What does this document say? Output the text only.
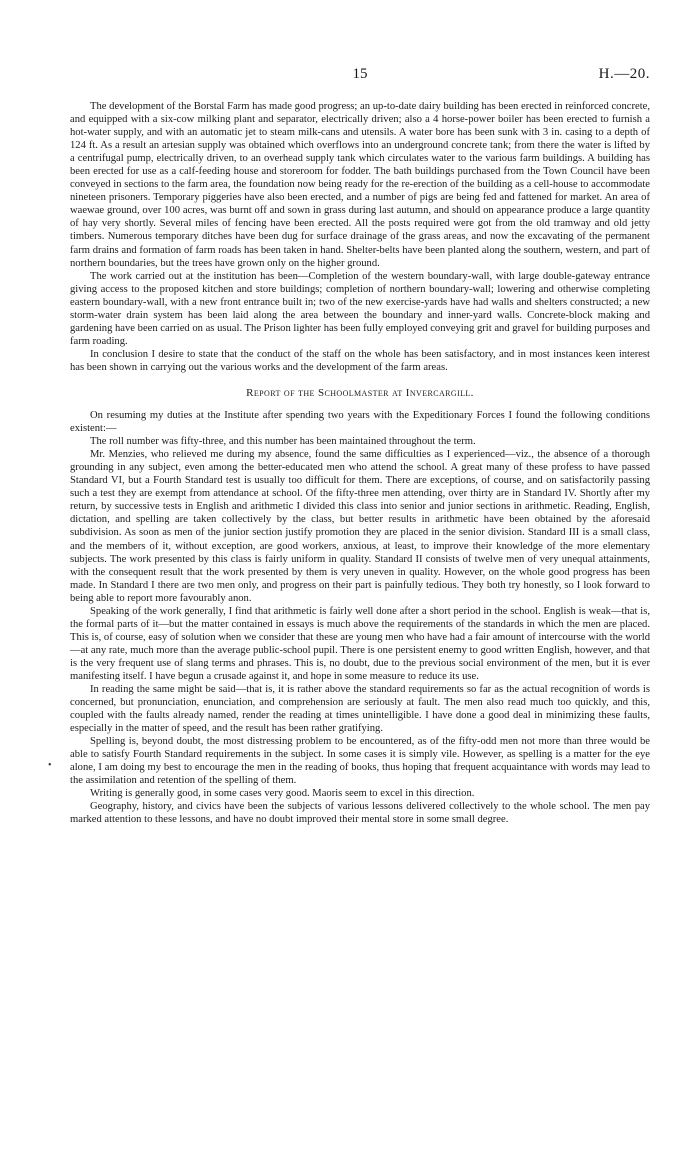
15	H.—20.

The development of the Borstal Farm has made good progress; an up-to-date dairy building has been erected in reinforced concrete, and equipped with a six-cow milking plant and separator, electrically driven; also a 4 horse-power boiler has been erected to furnish a hot-water supply, and with an automatic jet to steam milk-cans and utensils. A water bore has been sunk with 3 in. casing to a depth of 124 ft. As a result an artesian supply was obtained which overflows into an underground concrete tank; from there the water is lifted by a centrifugal pump, electrically driven, to an overhead supply tank which circulates water to the various farm buildings. A building has been erected for use as a calf-feeding house and storeroom for fodder. The bath buildings purchased from the Town Council have been conveyed in sections to the farm area, the foundation now being ready for the re-erection of the building as a cell-house to accommodate nineteen prisoners. Temporary piggeries have also been erected, and a number of pigs are being fed and fattened for market. An area of waewae ground, over 100 acres, was burnt off and sown in grass during last autumn, and should on appearance produce a large quantity of hay very shortly. Several miles of fencing have been erected. All the posts required were got from the old tramway and old jetty timbers. Numerous temporary ditches have been dug for surface drainage of the grass areas, and now the excavating of the permanent farm drains and formation of farm roads has been taken in hand. Shelter-belts have been planted along the southern, western, and part of northern boundaries, but the trees have grown only on the higher ground.

The work carried out at the institution has been—Completion of the western boundary-wall, with large double-gateway entrance giving access to the proposed kitchen and store buildings; completion of northern boundary-wall; lowering and otherwise completing eastern boundary-wall, with a new front entrance built in; two of the new exercise-yards have had walls and shelters constructed; a new storm-water drain system has been laid along the area between the boundary and inner-yard walls. Concrete-block making and gardening have been carried on as usual. The Prison lighter has been fully employed conveying grit and gravel for building purposes and farm roading.

In conclusion I desire to state that the conduct of the staff on the whole has been satisfactory, and in most instances keen interest has been shown in carrying out the various works and the development of the farm areas.

Report of the Schoolmaster at Invercargill.

On resuming my duties at the Institute after spending two years with the Expeditionary Forces I found the following conditions existent:—

The roll number was fifty-three, and this number has been maintained throughout the term.

Mr. Menzies, who relieved me during my absence, found the same difficulties as I experienced—viz., the absence of a thorough grounding in any subject, even among the better-educated men who attend the school. A great many of these profess to have passed Standard VI, but a Fourth Standard test is usually too difficult for them. There are exceptions, of course, and on satisfactorily passing such a test they are exempt from attendance at school. Of the fifty-three men attending, over thirty are in Standard IV. Shortly after my return, by successive tests in English and arithmetic I divided this class into senior and junior sections in arithmetic. Reading, English, dictation, and spelling are taken collectively by the class, but better results in arithmetic have been obtained by the aforesaid subdivision. As soon as men of the junior section justify promotion they are placed in the senior division. Standard III is a small class, and the members of it, without exception, are good workers, anxious, at least, to improve their knowledge of the more elementary subjects. The work presented by this class is fairly uniform in quality. Standard II consists of twelve men of very unequal attainments, with the consequent result that the work presented by them is very uneven in quality. However, on the whole good progress has been made. In Standard I there are two men only, and progress on their part is painfully tedious. They both try honestly, so I look forward to being able to report more favourably anon.

Speaking of the work generally, I find that arithmetic is fairly well done after a short period in the school. English is weak—that is, the formal parts of it—but the matter contained in essays is much above the requirements of the standards in which the men are placed. This is, of course, easy of solution when we consider that these are young men who have had a fair amount of intercourse with the world—at any rate, much more than the average public-school pupil. There is one persistent enemy to good written English, however, and that is the very frequent use of slang terms and phrases. This is, no doubt, due to the previous social environment of the men, but it is ever manifesting itself. I have begun a crusade against it, and hope in some measure to reduce its use.

In reading the same might be said—that is, it is rather above the standard requirements so far as the actual recognition of words is concerned, but pronunciation, enunciation, and comprehension are seriously at fault. The men also read much too quickly, and this, coupled with the faults already named, render the reading at times unintelligible. I have done a good deal in minimizing these faults, especially in the matter of speed, and the result has been rather gratifying.

Spelling is, beyond doubt, the most distressing problem to be encountered, as of the fifty-odd men not more than three would be able to satisfy Fourth Standard requirements in the subject. In some cases it is simply vile. However, as spelling is a matter for the eye alone, I am doing my best to encourage the men in the reading of books, thus hoping that frequent acquaintance with words may lead to the assimilation and retention of the spelling of them.

Writing is generally good, in some cases very good. Maoris seem to excel in this direction.

Geography, history, and civics have been the subjects of various lessons delivered collectively to the whole school. The men pay marked attention to these lessons, and have no doubt improved their mental store in some small degree.

•
